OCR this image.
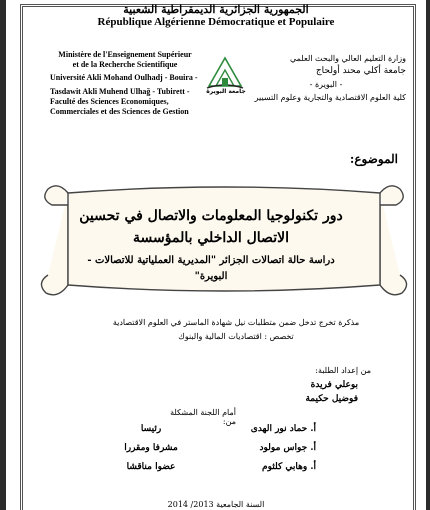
الجمهورية الجزائرية الديمقراطية الشعبية
République Algérienne Démocratique et Populaire
Ministère de l'Enseignement Supérieur
et de la Recherche Scientifique
Université Akli Mohand Oulhadj - Bouira -
Tasdawit Akli Muhend Ulhağ - Tubirett -
Faculté des Sciences Economiques,
Commerciales et des Sciences de Gestion
جامعة البويرة
وزارة التعليم العالي والبحث العلمي
جامعة أكلي محند أولحاج
- البويرة -
كلية العلوم الاقتصادية والتجارية وعلوم التسيير
الموضوع:
دور تكنولوجيا المعلومات والاتصال في تحسين
الاتصال الداخلي بالمؤسسة
دراسة حالة اتصالات الجزائر "المديرية العملياتية للاتصالات - البويرة"
مذكرة تخرج تدخل ضمن متطلبات نيل شهادة الماستر في العلوم الاقتصادية
تخصص : اقتصاديات المالية والبنوك
من إعداد الطلبة:
بوعلي فريدة
فوضيل حكيمة
أمام اللجنة المشكلة من:
أ. حماد نور الهدى
رئيسا
أ. جواس مولود
مشرفا ومقررا
أ. وهابي كلثوم
عضوا مناقشا
السنة الجامعية 2013/ 2014
